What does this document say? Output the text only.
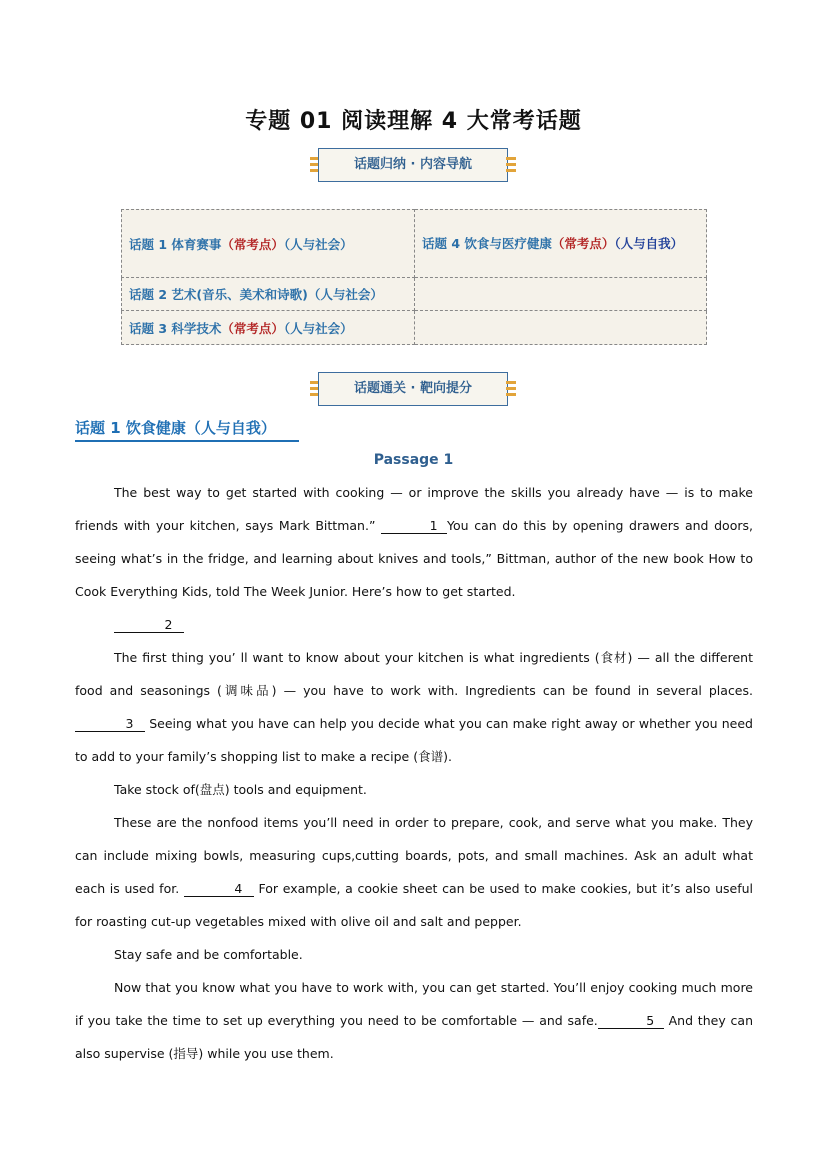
专题 01 阅读理解 4 大常考话题
话题归纳 · 内容导航
话题 1 体育赛事（常考点）（人与社会）	话题 4 饮食与医疗健康（常考点）（人与自我）
话题 2 艺术(音乐、美术和诗歌)（人与社会）	
话题 3 科学技术（常考点）（人与社会）	
话题通关 · 靶向提分
话题 1 饮食健康（人与自我）
Passage 1

The best way to get started with cooking — or improve the skills you already have — is to make friends with your kitchen, says Mark Bittman.”	1 You can do this by opening drawers and doors, seeing what’s in the fridge, and learning about knives and tools,” Bittman, author of the new book How to Cook Everything Kids, told The Week Junior. Here’s how to get started.

2

The first thing you’ ll want to know about your kitchen is what ingredients (食材) — all the different food and seasonings (调味品) — you have to work with. Ingredients can be found in several places.3 Seeing what you have can help you decide what you can make right away or whether you need to add to your family’s shopping list to make a recipe (食谱).

Take stock of(盘点) tools and equipment.

These are the nonfood items you’ll need in order to prepare, cook, and serve what you make. They can include mixing bowls, measuring cups,cutting boards, pots, and small machines. Ask an adult what each is used for.	4 For example, a cookie sheet can be used to make cookies, but it’s also useful for roasting cut-up vegetables mixed with olive oil and salt and pepper.

Stay safe and be comfortable.

Now that you know what you have to work with, you can get started. You’ll enjoy cooking much more if you take the time to set up everything you need to be comfortable — and safe.	5 And they can also supervise (指导) while you use them.
